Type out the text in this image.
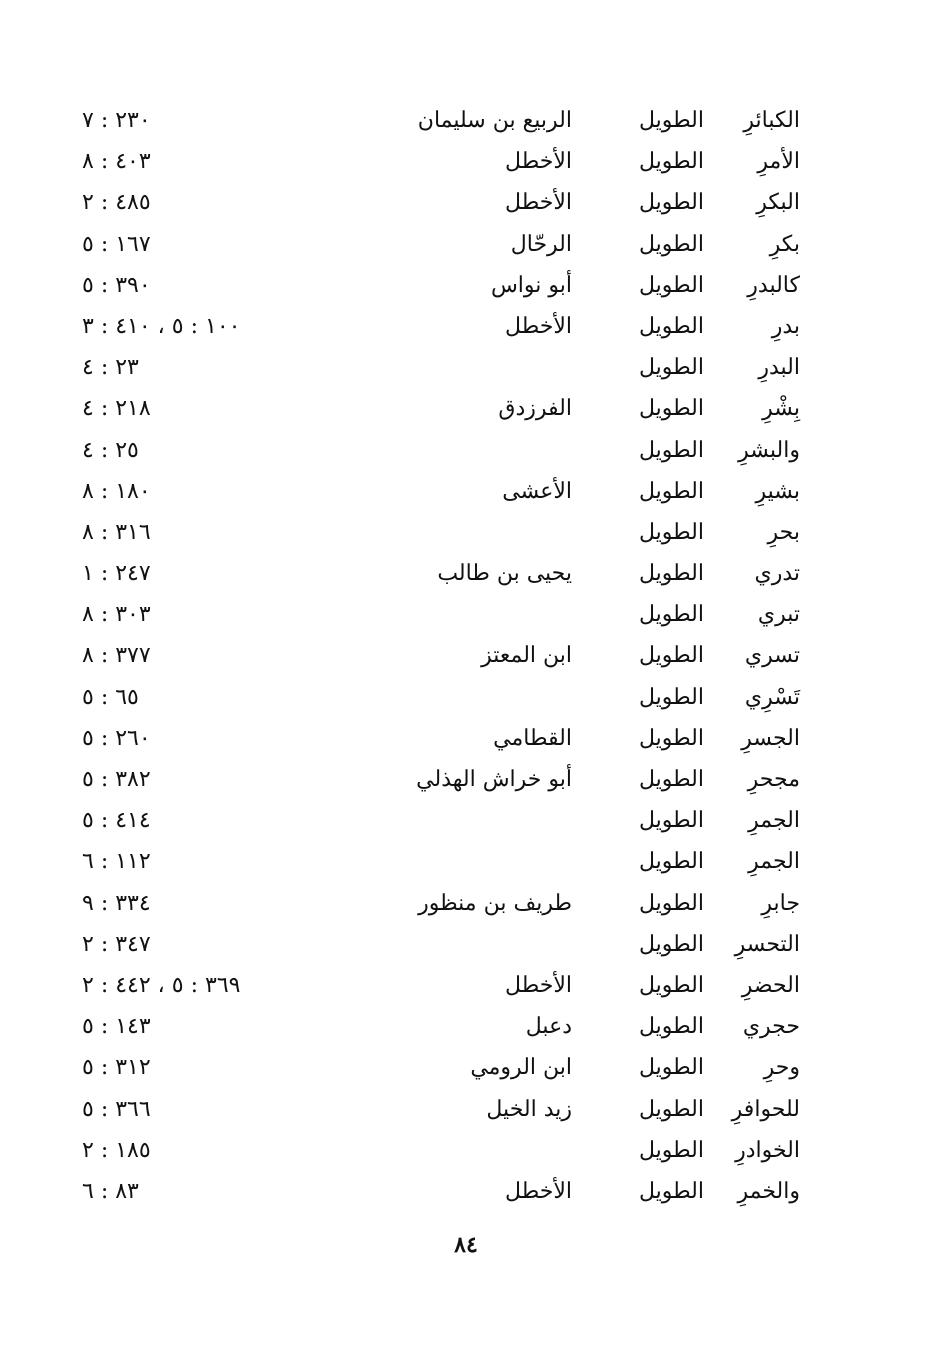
الكبائرِ
الطويل
الربيع بن سليمان
٢٣٠ : ٧
الأمرِ
الطويل
الأخطل
٤٠٣ : ٨
البكرِ
الطويل
الأخطل
٤٨٥ : ٢
بكرِ
الطويل
الرحّال
١٦٧ : ٥
كالبدرِ
الطويل
أبو نواس
٣٩٠ : ٥
بدرِ
الطويل
الأخطل
١٠٠ : ٥ ، ٤١٠ : ٣
البدرِ
الطويل
٢٣ : ٤
بِشْرِ
الطويل
الفرزدق
٢١٨ : ٤
والبشرِ
الطويل
٢٥ : ٤
بشيرِ
الطويل
الأعشى
١٨٠ : ٨
بحرِ
الطويل
٣١٦ : ٨
تدري
الطويل
يحيى بن طالب
٢٤٧ : ١
تبري
الطويل
٣٠٣ : ٨
تسري
الطويل
ابن المعتز
٣٧٧ : ٨
تَسْرِي
الطويل
٦٥ : ٥
الجسرِ
الطويل
القطامي
٢٦٠ : ٥
مجحرِ
الطويل
أبو خراش الهذلي
٣٨٢ : ٥
الجمرِ
الطويل
٤١٤ : ٥
الجمرِ
الطويل
١١٢ : ٦
جابرِ
الطويل
طريف بن منظور
٣٣٤ : ٩
التحسرِ
الطويل
٣٤٧ : ٢
الحضرِ
الطويل
الأخطل
٣٦٩ : ٥ ، ٤٤٢ : ٢
حجري
الطويل
دعبل
١٤٣ : ٥
وحرِ
الطويل
ابن الرومي
٣١٢ : ٥
للحوافرِ
الطويل
زيد الخيل
٣٦٦ : ٥
الخوادرِ
الطويل
١٨٥ : ٢
والخمرِ
الطويل
الأخطل
٨٣ : ٦
٨٤
